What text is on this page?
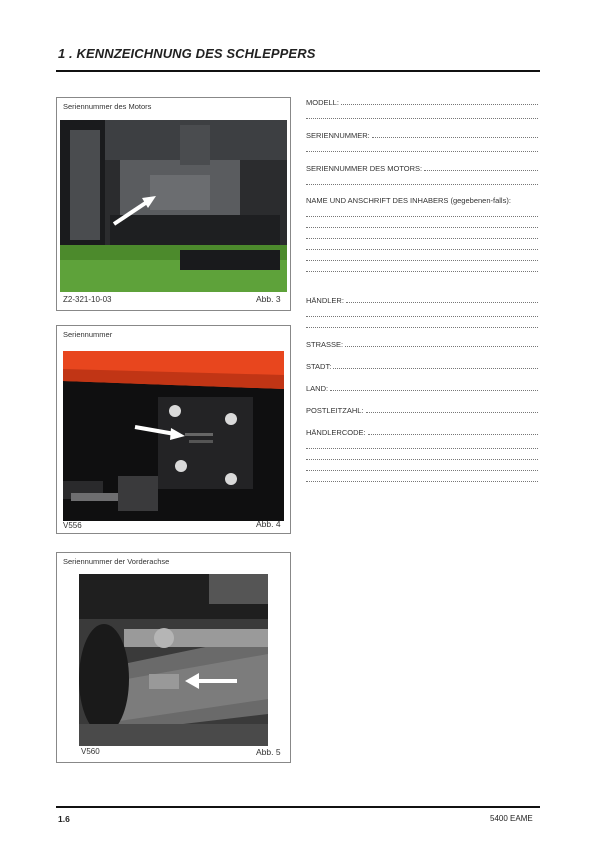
1 . KENNZEICHNUNG DES SCHLEPPERS
Seriennummer des Motors
Z2-321-10-03	Abb. 3
Seriennummer
V556	Abb. 4
Seriennummer der Vorderachse
V560	Abb. 5
MODELL:
SERIENNUMMER:
SERIENNUMMER DES MOTORS:
NAME UND ANSCHRIFT DES INHABERS (gegebenen-falls):
HÄNDLER:
STRASSE:
STADT:
LAND:
POSTLEITZAHL:
HÄNDLERCODE:
1.6	5400 EAME
